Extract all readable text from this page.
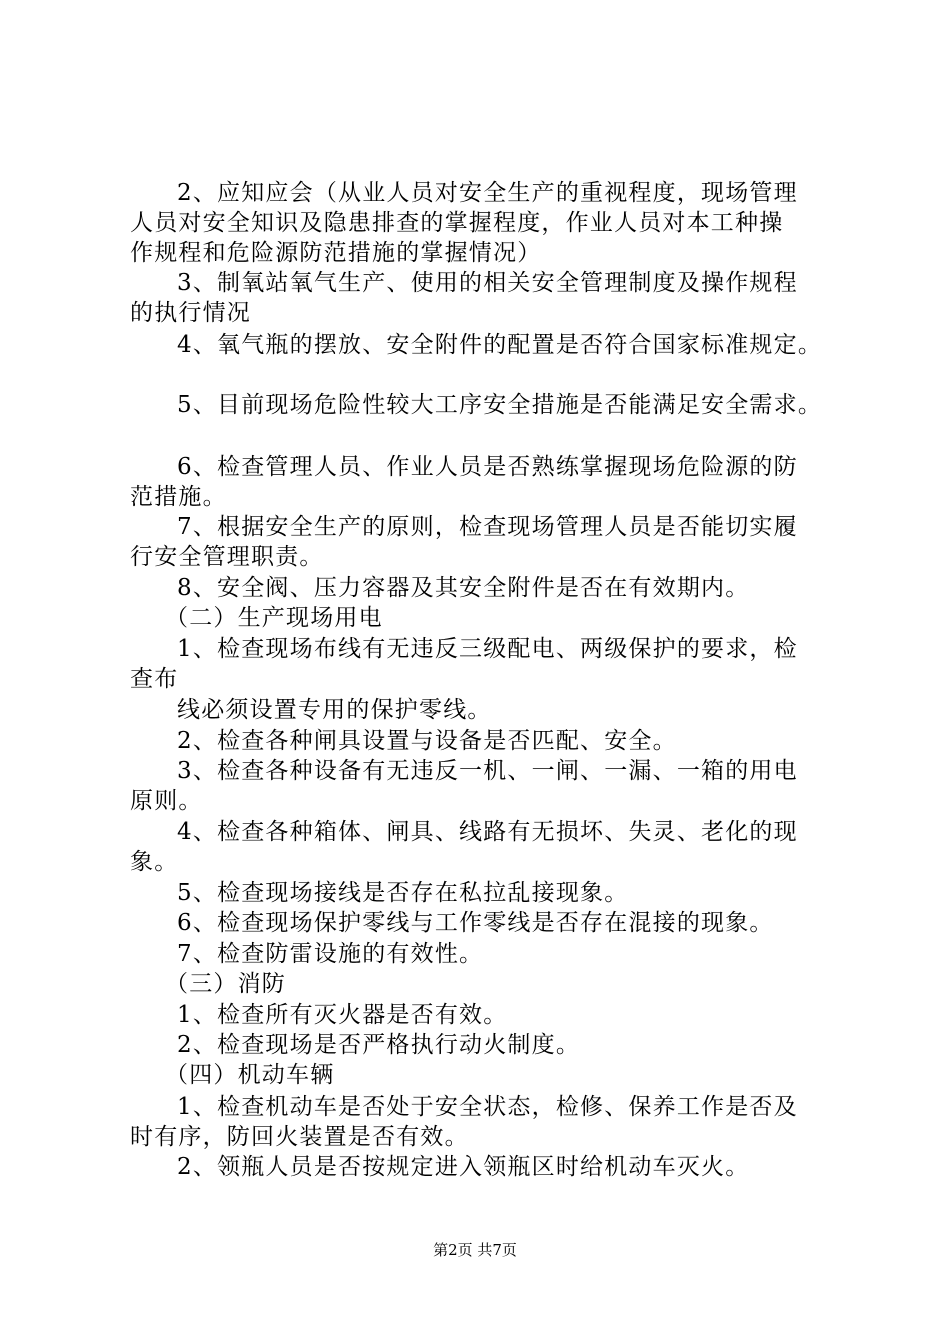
2、应知应会（从业人员对安全生产的重视程度，现场管理
人员对安全知识及隐患排查的掌握程度，作业人员对本工种操
作规程和危险源防范措施的掌握情况）
3、制氧站氧气生产、使用的相关安全管理制度及操作规程
的执行情况
4、氧气瓶的摆放、安全附件的配置是否符合国家标准规定。
5、目前现场危险性较大工序安全措施是否能满足安全需求。
6、检查管理人员、作业人员是否熟练掌握现场危险源的防
范措施。
7、根据安全生产的原则，检查现场管理人员是否能切实履
行安全管理职责。
8、安全阀、压力容器及其安全附件是否在有效期内。
（二）生产现场用电
1、检查现场布线有无违反三级配电、两级保护的要求，检
查布
线必须设置专用的保护零线。
2、检查各种闸具设置与设备是否匹配、安全。
3、检查各种设备有无违反一机、一闸、一漏、一箱的用电
原则。
4、检查各种箱体、闸具、线路有无损坏、失灵、老化的现
象。
5、检查现场接线是否存在私拉乱接现象。
6、检查现场保护零线与工作零线是否存在混接的现象。
7、检查防雷设施的有效性。
（三）消防
1、检查所有灭火器是否有效。
2、检查现场是否严格执行动火制度。
（四）机动车辆
1、检查机动车是否处于安全状态，检修、保养工作是否及
时有序，防回火装置是否有效。
2、领瓶人员是否按规定进入领瓶区时给机动车灭火。
第2页 共7页
